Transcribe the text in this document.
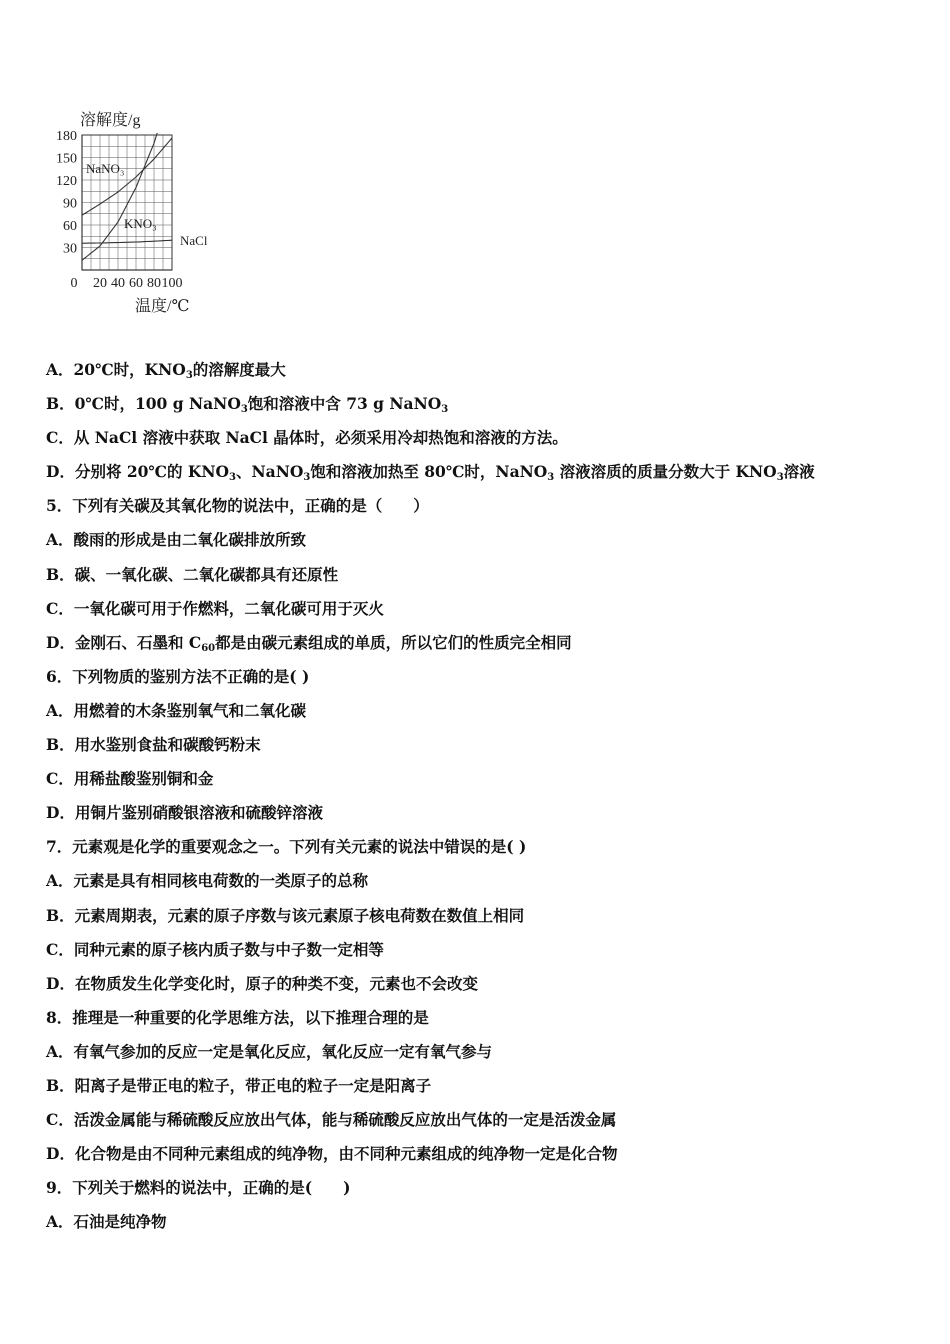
0 20 40 60 80 100
30
60
90
120
150
180
溶解度/g
温度/℃
NaNO₃
KNO₃
NaCl
A．20℃时，$KNO_3$的溶解度最大
B．0℃时，100 g NaNO$_3$饱和溶液中含 73 g NaNO$_3$
C．从 NaCl 溶液中获取 NaCl 晶体时，必须采用冷却热饱和溶液的方法。
D．分别将 20℃的 $KNO_3$、NaNO$_3$饱和溶液加热至 80℃时，NaNO$_3$ 溶液溶质的质量分数大于 $KNO_3$溶液
5．下列有关碳及其氧化物的说法中，正确的是（　　）
A．酸雨的形成是由二氧化碳排放所致
B．碳、一氧化碳、二氧化碳都具有还原性
C．一氧化碳可用于作燃料，二氧化碳可用于灭火
D．金刚石、石墨和 $C_{60}$都是由碳元素组成的单质，所以它们的性质完全相同
6．下列物质的鉴别方法不正确的是( )
A．用燃着的木条鉴别氧气和二氧化碳
B．用水鉴别食盐和碳酸钙粉末
C．用稀盐酸鉴别铜和金
D．用铜片鉴别硝酸银溶液和硫酸锌溶液
7．元素观是化学的重要观念之一。下列有关元素的说法中错误的是( )
A．元素是具有相同核电荷数的一类原子的总称
B．元素周期表，元素的原子序数与该元素原子核电荷数在数值上相同
C．同种元素的原子核内质子数与中子数一定相等
D．在物质发生化学变化时，原子的种类不变，元素也不会改变
8．推理是一种重要的化学思维方法，以下推理合理的是
A．有氧气参加的反应一定是氧化反应，氧化反应一定有氧气参与
B．阳离子是带正电的粒子，带正电的粒子一定是阳离子
C．活泼金属能与稀硫酸反应放出气体，能与稀硫酸反应放出气体的一定是活泼金属
D．化合物是由不同种元素组成的纯净物，由不同种元素组成的纯净物一定是化合物
9．下列关于燃料的说法中，正确的是(　　)
A．石油是纯净物
